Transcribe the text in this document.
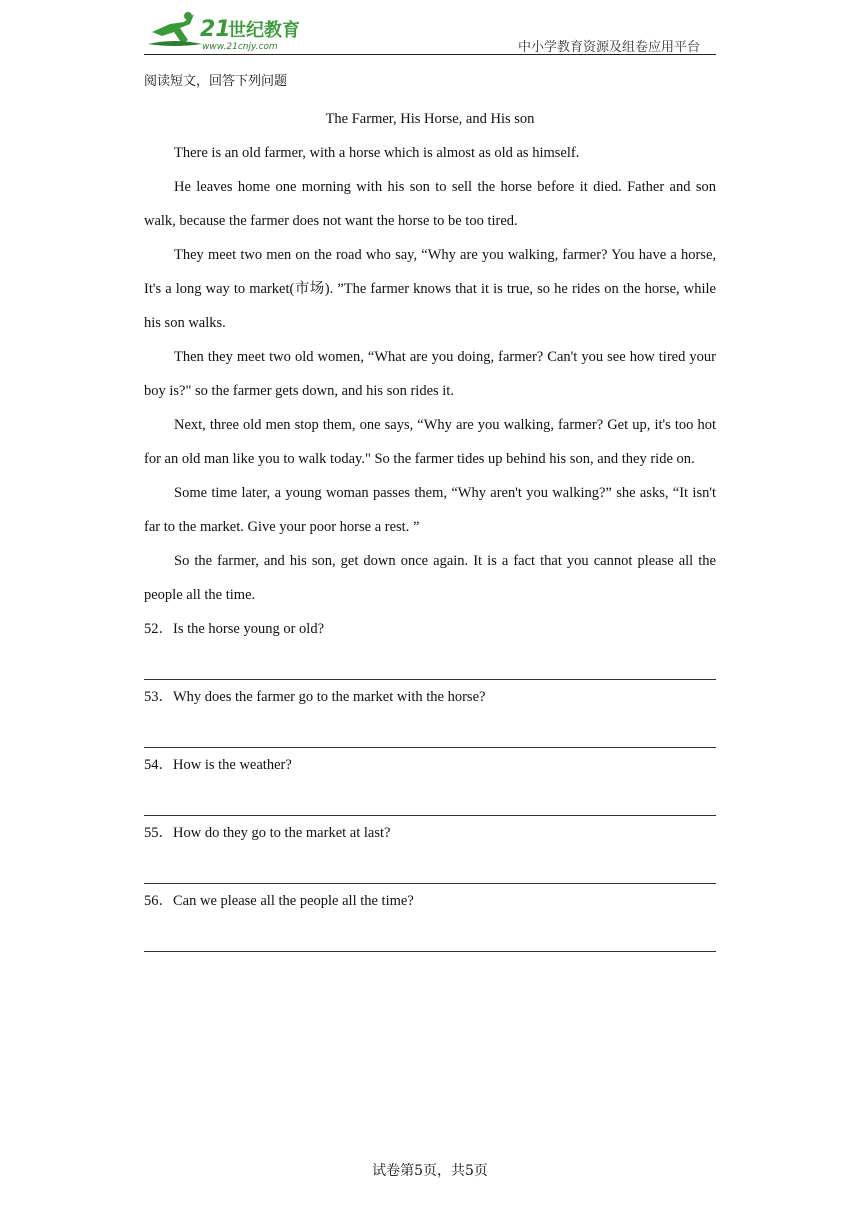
21
世纪教育
www.21cnjy.com	中小学教育资源及组卷应用平台
阅读短文，回答下列问题

The Farmer, His Horse, and His son

There is an old farmer, with a horse which is almost as old as himself.

He leaves home one morning with his son to sell the horse before it died. Father and son walk, because the farmer does not want the horse to be too tired.

They meet two men on the road who say, “Why are you walking, farmer? You have a horse, It's a long way to market(市场). ”The farmer knows that it is true, so he rides on the horse, while his son walks.

Then they meet two old women, “What are you doing, farmer? Can't you see how tired your boy is?" so the farmer gets down, and his son rides it.

Next, three old men stop them, one says, “Why are you walking, farmer? Get up, it's too hot for an old man like you to walk today." So the farmer tides up behind his son, and they ride on.

Some time later, a young woman passes them, “Why aren't you walking?” she asks, “It isn't far to the market. Give your poor horse a rest. ”

So the farmer, and his son, get down once again. It is a fact that you cannot please all the people all the time.

52．Is the horse young or old?

53．Why does the farmer go to the market with the horse?

54．How is the weather?

55．How do they go to the market at last?

56．Can we please all the people all the time?

试卷第5页，共5页
